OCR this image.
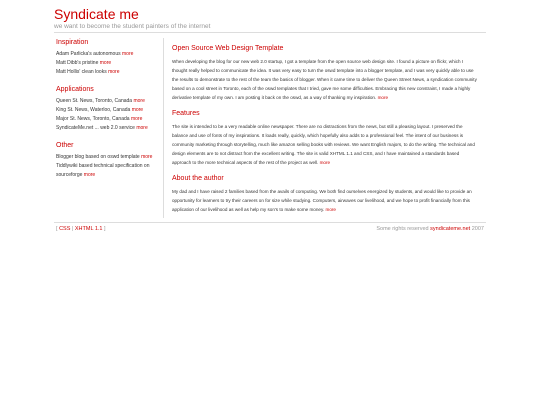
Syndicate me
we want to become the student painters of the internet
Inspiration
Adam Parlicka's autonomous more
Matt Dibb's pristine more
Matt Hollis' clean looks more
Applications
Queen St. News, Toronto, Canada more
King St. News, Waterloo, Canada more
Major St. News, Toronto, Canada more
SyndicateMe.net ... web 2.0 service more
Other
Blogger blog based on oswd template more
Tiddlywiki based technical specification on sourceforge more
Open Source Web Design Template
When developing the blog for our new web 2.0 startup, I got a template from the open source web design site. I found a picture on flickr, which I thought really helped to communicate the idea. It was very easy to turn the oswd template into a blogger template, and I was very quickly able to use the results to demonstrate to the rest of the team the basics of blogger. When it came time to deliver the Queen Street News, a syndication community based on a cool street in Toronto, each of the oswd templates that I tried, gave me some difficulties. Embracing this new constraint, I made a highly derivative template of my own. I am posting it back on the oswd, as a way of thanking my inspiration. more
Features
The site is intended to be a very readable online newspaper. There are no distractions from the news, but still a pleasing layout. I preserved the balance and use of fonts of my inspirations. It loads really, quickly, which hopefully also adds to a professional feel. The intent of our business is community marketing through storytelling, much like amazon selling books with reviews. We want English majors, to do the writing. The technical and design elements are to not distract from the excellent writing. The site is valid XHTML 1.1 and CSS, and I have maintained a standards based approach to the more technical aspects of the rest of the project as well. more
About the author
My dad and I have raised 2 families based from the avails of computing. We both find ourselves energized by students, and would like to provide an opportunity for learners to try their careers on for size while studying. Computers, airwaves our livelihood, and we hope to profit financially from this application of our livelihood as well as help my son's to make some money. more
[ CSS | XHTML 1.1 ]	Some rights reserved syndicateme.net 2007
